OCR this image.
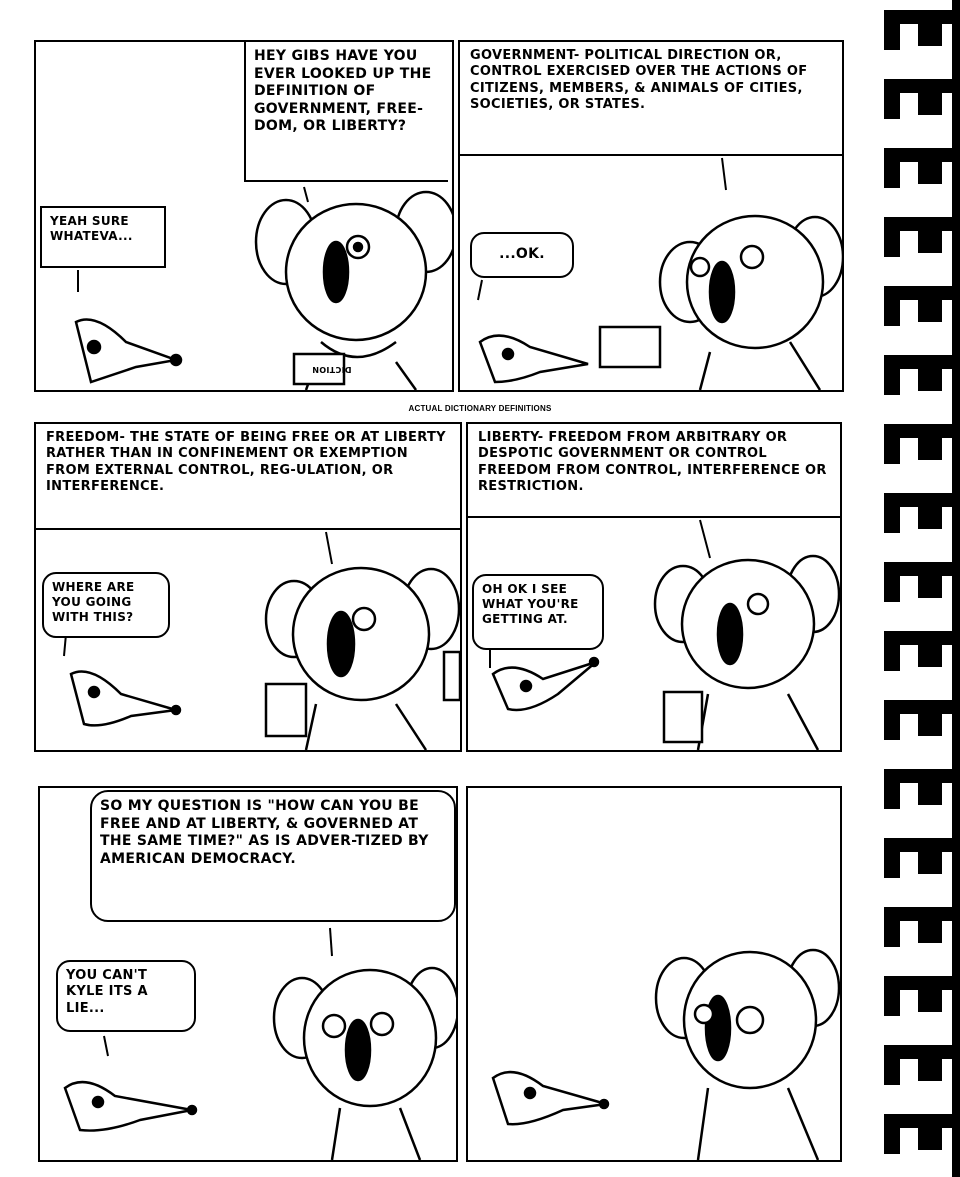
HEY GIBS HAVE YOU EVER LOOKED UP THE DEFINITION OF GOVERNMENT, FREE-DOM, OR LIBERTY?
YEAH SURE WHATEVA...
DICTION
GOVERNMENT- POLITICAL DIRECTION OR, CONTROL EXERCISED OVER THE ACTIONS OF CITIZENS, MEMBERS, & ANIMALS OF CITIES, SOCIETIES, OR STATES.
...OK.
ACTUAL DICTIONARY DEFINITIONS
FREEDOM- THE STATE OF BEING FREE OR AT LIBERTY RATHER THAN IN CONFINEMENT OR EXEMPTION FROM EXTERNAL CONTROL, REG-ULATION, OR INTERFERENCE.
WHERE ARE YOU GOING WITH THIS?
LIBERTY- FREEDOM FROM ARBITRARY OR DESPOTIC GOVERNMENT OR CONTROL FREEDOM FROM CONTROL, INTERFERENCE OR RESTRICTION.
OH OK I SEE WHAT YOU'RE GETTING AT.
SO MY QUESTION IS "HOW CAN YOU BE FREE AND AT LIBERTY, & GOVERNED AT THE SAME TIME?" AS IS ADVER-TIZED BY AMERICAN DEMOCRACY.
YOU CAN'T KYLE ITS A LIE...
